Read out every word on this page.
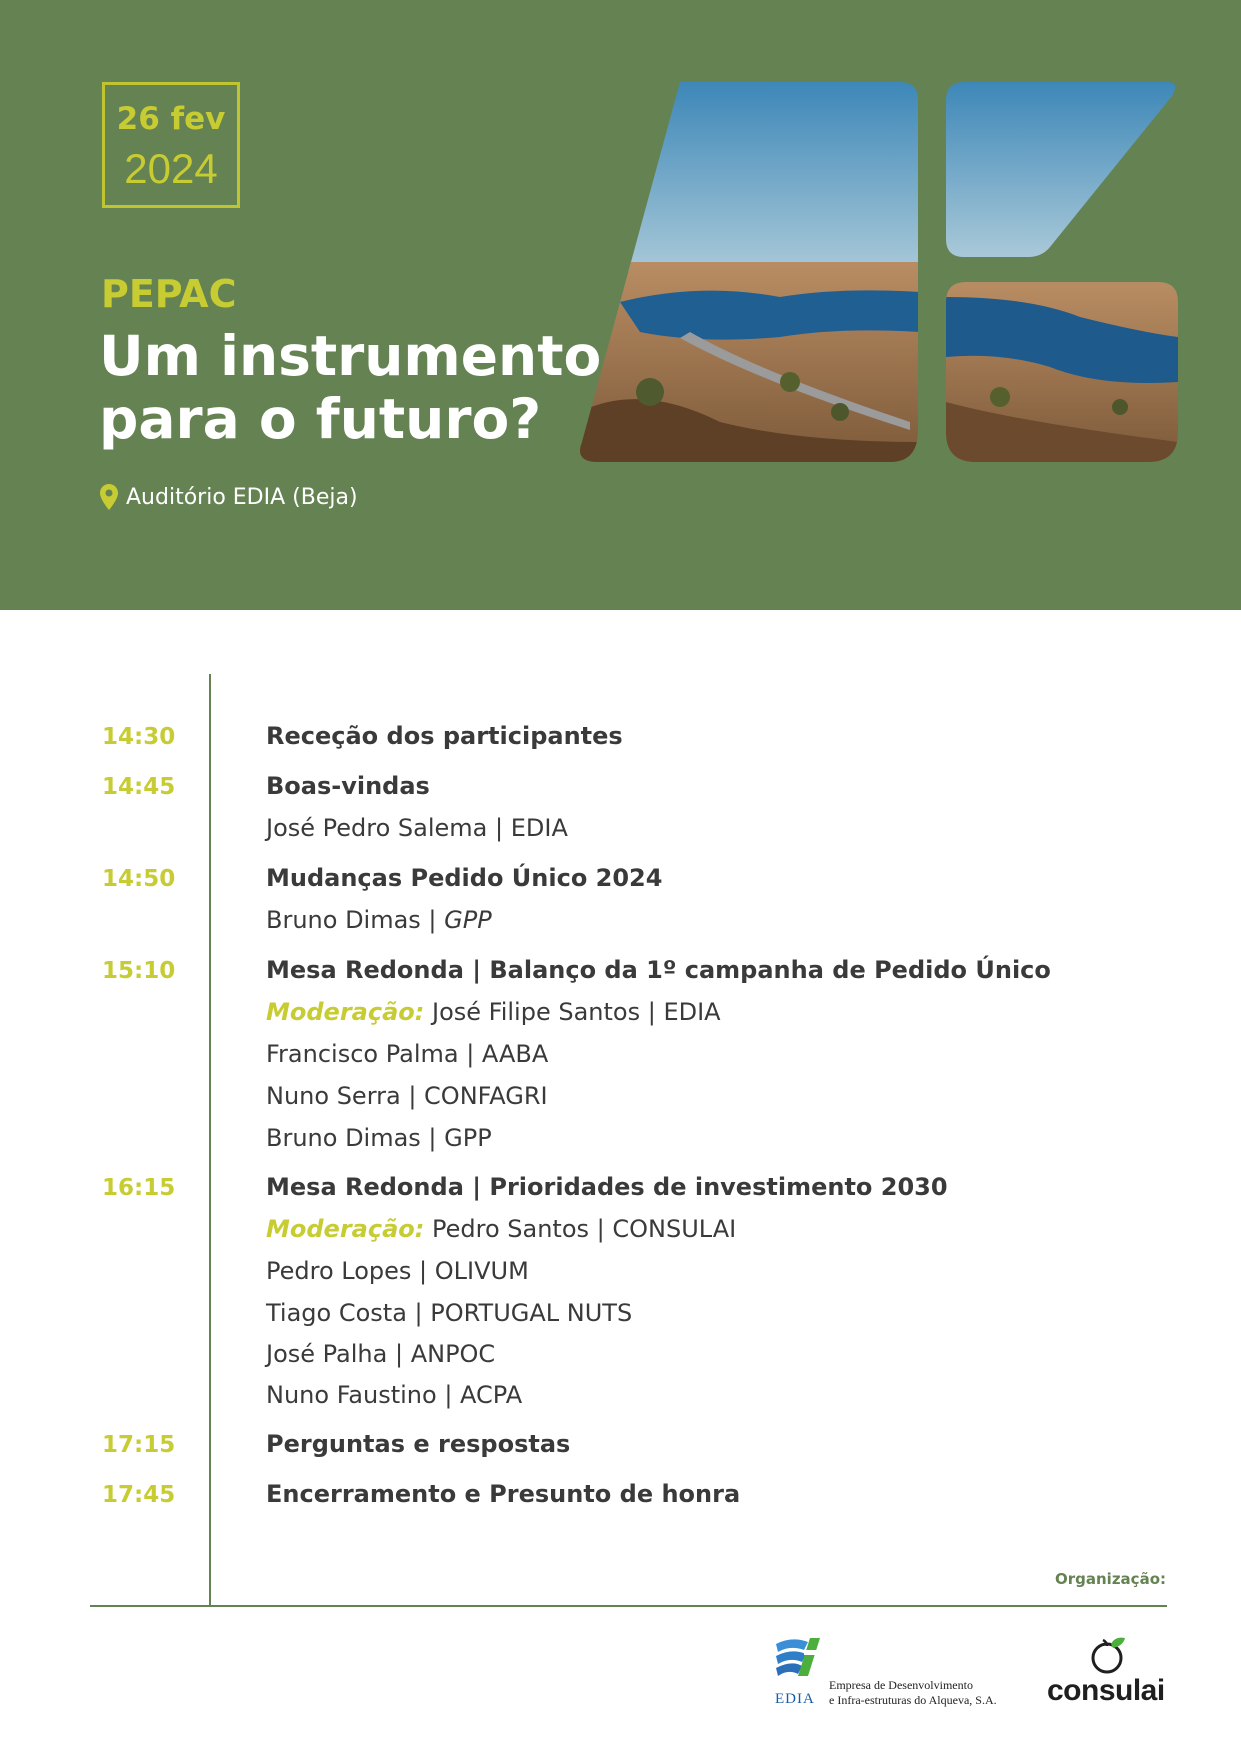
26 fev
2024
PEPAC
Um instrumento
para o futuro?
Auditório EDIA (Beja)
14:30	Receção dos participantes
14:45	Boas-vindas
José Pedro Salema | EDIA
14:50	Mudanças Pedido Único 2024
Bruno Dimas | GPP
15:10	Mesa Redonda | Balanço da 1º campanha de Pedido Único
Moderação: José Filipe Santos | EDIA
Francisco Palma | AABA
Nuno Serra | CONFAGRI
Bruno Dimas | GPP
16:15	Mesa Redonda | Prioridades de investimento 2030
Moderação: Pedro Santos | CONSULAI
Pedro Lopes | OLIVUM
Tiago Costa | PORTUGAL NUTS
José Palha | ANPOC
Nuno Faustino | ACPA
17:15	Perguntas e respostas
17:45	Encerramento e Presunto de honra
Organização:
EDIA
Empresa de Desenvolvimento
e Infra-estruturas do Alqueva, S.A. consulai
